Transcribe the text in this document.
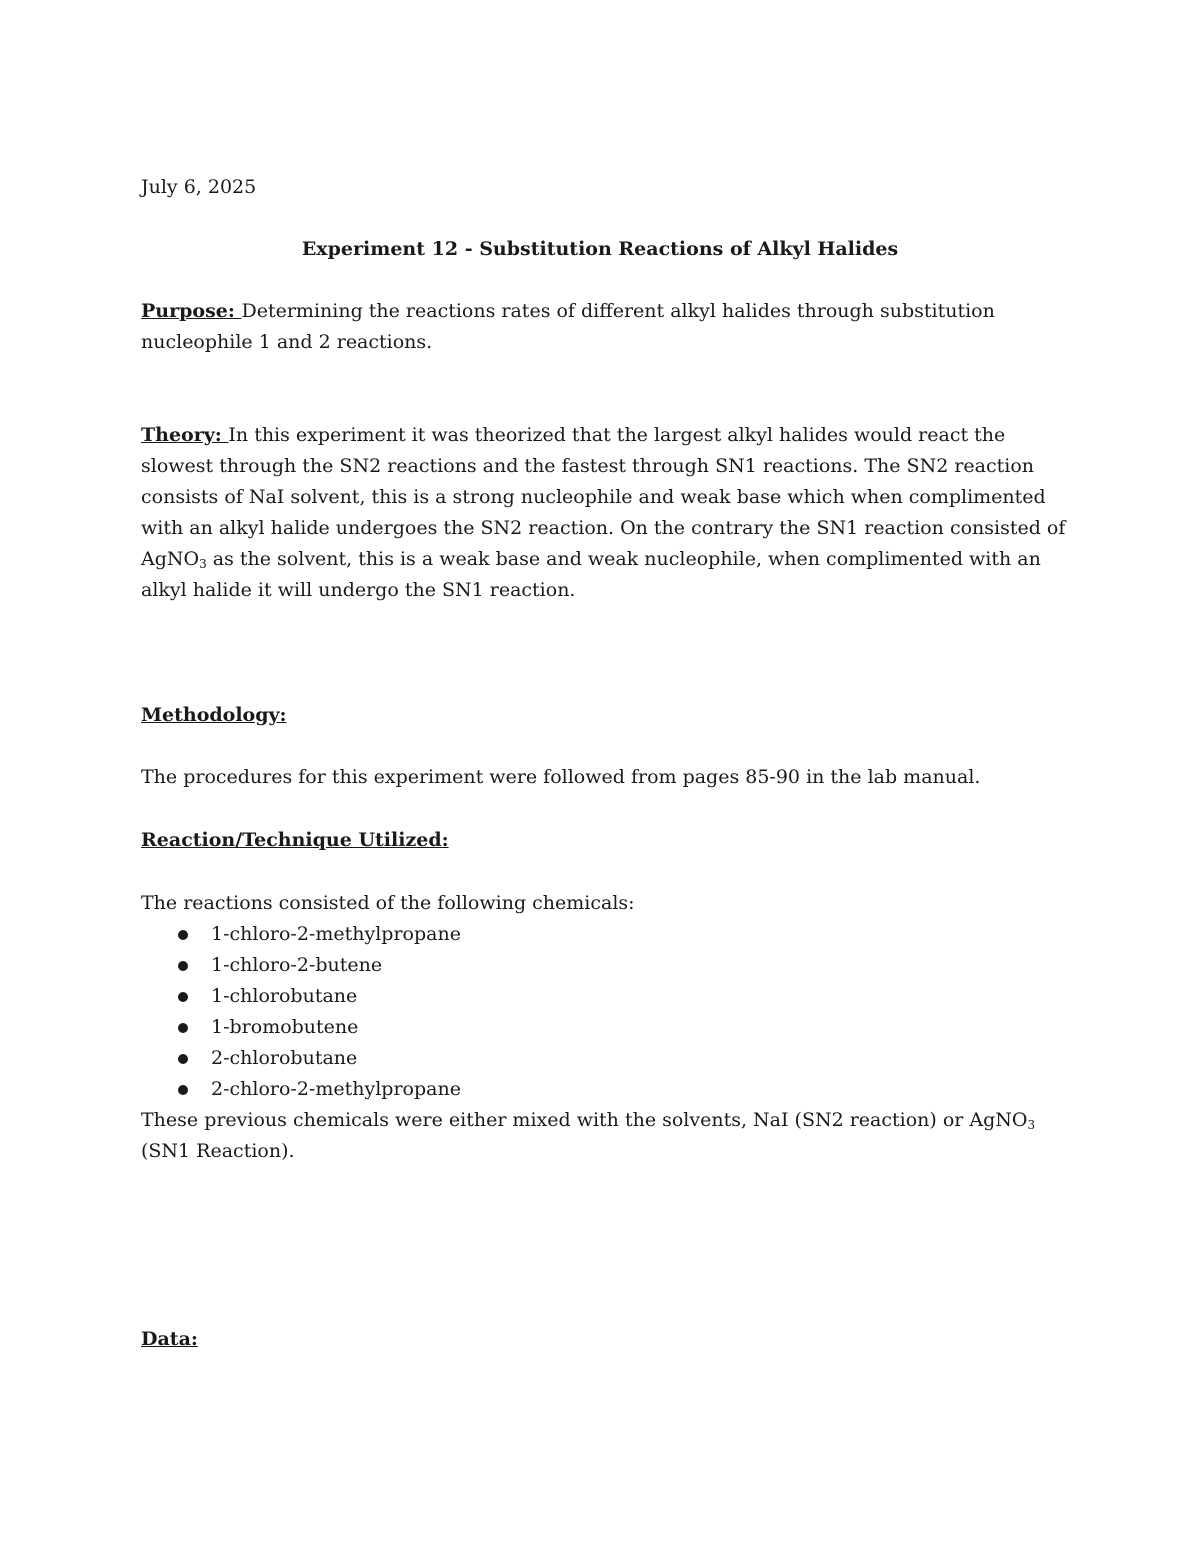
July 6, 2025
Experiment 12 - Substitution Reactions of Alkyl Halides
Purpose: Determining the reactions rates of different alkyl halides through substitution
nucleophile 1 and 2 reactions.
Theory: In this experiment it was theorized that the largest alkyl halides would react the slowest through the SN2 reactions and the fastest through SN1 reactions. The SN2 reaction consists of NaI solvent, this is a strong nucleophile and weak base which when complimented with an alkyl halide undergoes the SN2 reaction. On the contrary the SN1 reaction consisted of AgNO$_3$ as the solvent, this is a weak base and weak nucleophile, when complimented with an alkyl halide it will undergo the SN1 reaction.
Methodology:
The procedures for this experiment were followed from pages 85-90 in the lab manual.
Reaction/Technique Utilized:
The reactions consisted of the following chemicals:
1-chloro-2-methylpropane
1-chloro-2-butene
1-chlorobutane
1-bromobutene
2-chlorobutane
2-chloro-2-methylpropane
These previous chemicals were either mixed with the solvents, NaI (SN2 reaction) or AgNO$_3$
(SN1 Reaction).
Data:
